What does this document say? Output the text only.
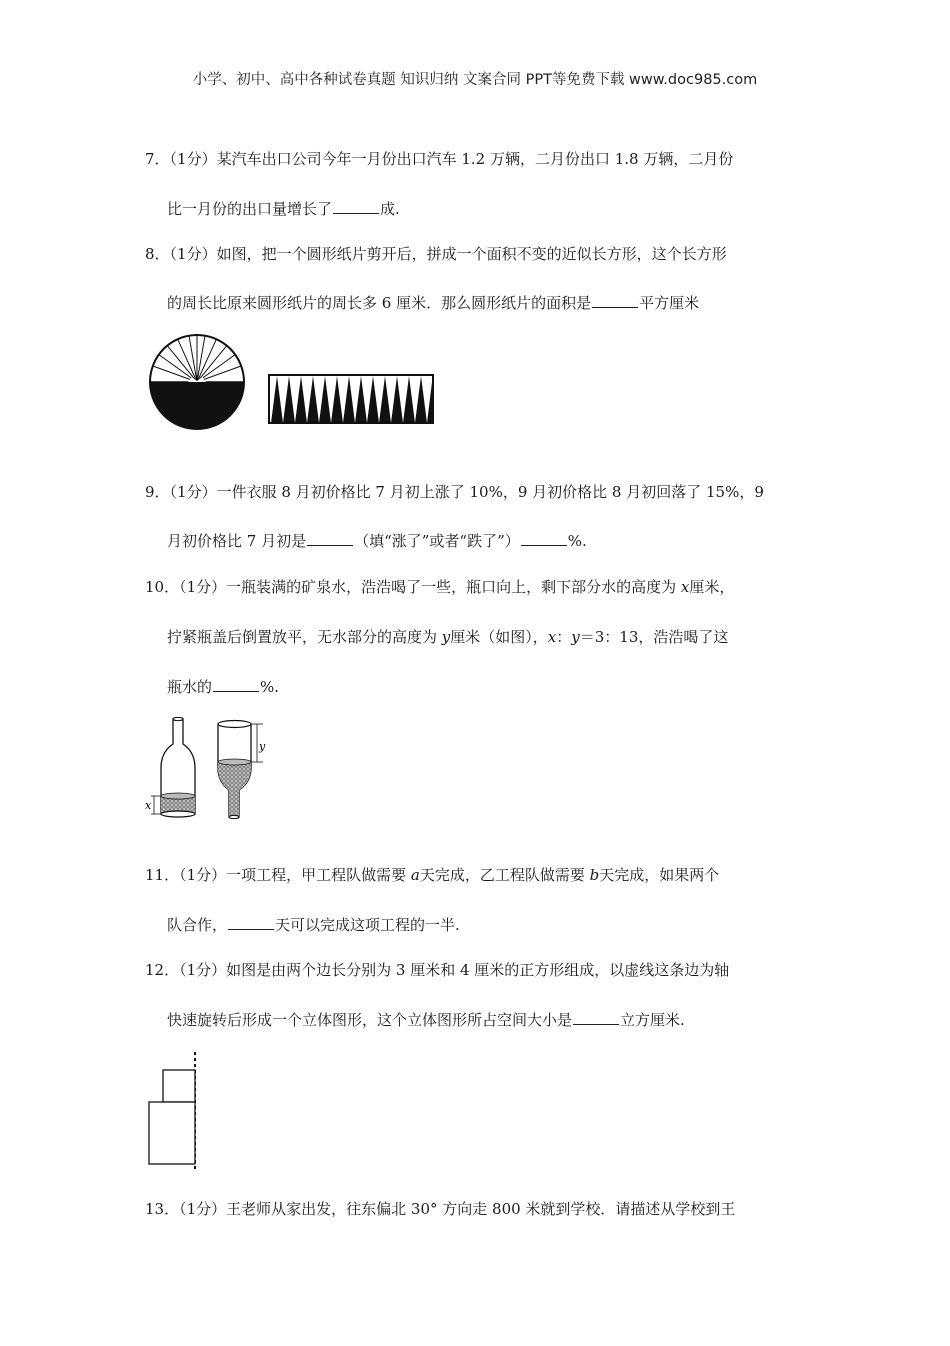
小学、初中、高中各种试卷真题 知识归纳 文案合同 PPT等免费下载 www.doc985.com
7．（1分）某汽车出口公司今年一月份出口汽车 1.2 万辆，二月份出口 1.8 万辆，二月份
比一月份的出口量增长了	成.
8．（1分）如图，把一个圆形纸片剪开后，拼成一个面积不变的近似长方形，这个长方形
的周长比原来圆形纸片的周长多 6 厘米．那么圆形纸片的面积是	平方厘米
9．（1分）一件衣服 8 月初价格比 7 月初上涨了 10%，9 月初价格比 8 月初回落了 15%，9
月初价格比 7 月初是	（填“涨了”或者“跌了”）	%.
10．（1分）一瓶装满的矿泉水，浩浩喝了一些，瓶口向上，剩下部分水的高度为 x厘米，
拧紧瓶盖后倒置放平，无水部分的高度为 y厘米（如图），x：y＝3：13，浩浩喝了这
瓶水的	%.
x
y
11．（1分）一项工程，甲工程队做需要 a天完成，乙工程队做需要 b天完成，如果两个
队合作，	天可以完成这项工程的一半.
12．（1分）如图是由两个边长分别为 3 厘米和 4 厘米的正方形组成，以虚线这条边为轴
快速旋转后形成一个立体图形，这个立体图形所占空间大小是	立方厘米.
13．（1分）王老师从家出发，往东偏北 30° 方向走 800 米就到学校．请描述从学校到王
